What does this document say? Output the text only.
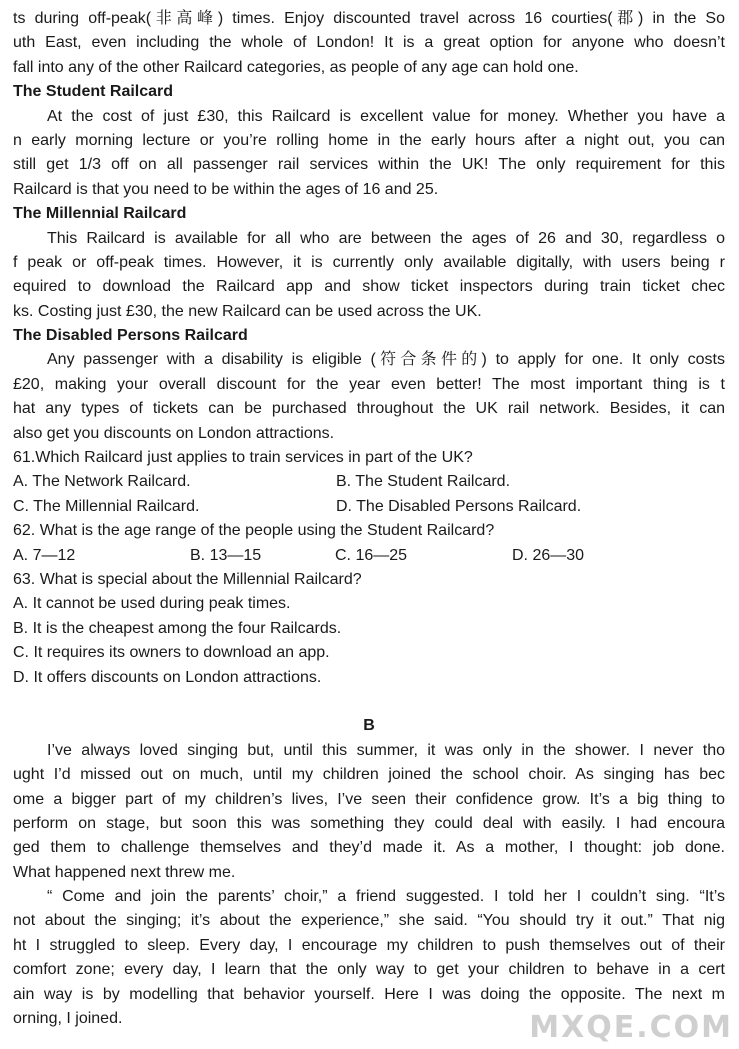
ts during off-peak(非高峰) times. Enjoy discounted travel across 16 courties(郡) in the So
uth East, even including the whole of London! It is a great option for anyone who doesn’t
fall into any of the other Railcard categories, as people of any age can hold one.
The Student Railcard
At the cost of just £30, this Railcard is excellent value for money. Whether you have a
n early morning lecture or you’re rolling home in the early hours after a night out, you can
still get 1/3 off on all passenger rail services within the UK! The only requirement for this
Railcard is that you need to be within the ages of 16 and 25.
The Millennial Railcard
This Railcard is available for all who are between the ages of 26 and 30, regardless o
f peak or off-peak times. However, it is currently only available digitally, with users being r
equired to download the Railcard app and show ticket inspectors during train ticket chec
ks. Costing just £30, the new Railcard can be used across the UK.
The Disabled Persons Railcard
Any passenger with a disability is eligible (符合条件的) to apply for one. It only costs
£20, making your overall discount for the year even better! The most important thing is t
hat any types of tickets can be purchased throughout the UK rail network. Besides, it can
also get you discounts on London attractions.
61.Which Railcard just applies to train services in part of the UK?
A. The Network Railcard.	B. The Student Railcard.
C. The Millennial Railcard.	D. The Disabled Persons Railcard.
62. What is the age range of the people using the Student Railcard?
A. 7—12	B. 13—15	C. 16—25	D. 26—30
63. What is special about the Millennial Railcard?
A. It cannot be used during peak times.
B. It is the cheapest among the four Railcards.
C. It requires its owners to download an app.
D. It offers discounts on London attractions.
B
I’ve always loved singing but, until this summer, it was only in the shower. I never tho
ught I’d missed out on much, until my children joined the school choir. As singing has bec
ome a bigger part of my children’s lives, I’ve seen their confidence grow. It’s a big thing to
perform on stage, but soon this was something they could deal with easily. I had encoura
ged them to challenge themselves and they’d made it. As a mother, I thought: job done.
What happened next threw me.
“ Come and join the parents’ choir,” a friend suggested. I told her I couldn’t sing. “It’s
not about the singing; it’s about the experience,” she said. “You should try it out.” That nig
ht I struggled to sleep. Every day, I encourage my children to push themselves out of their
comfort zone; every day, I learn that the only way to get your children to behave in a cert
ain way is by modelling that behavior yourself. Here I was doing the opposite. The next m
orning, I joined.	MXQE.COM
